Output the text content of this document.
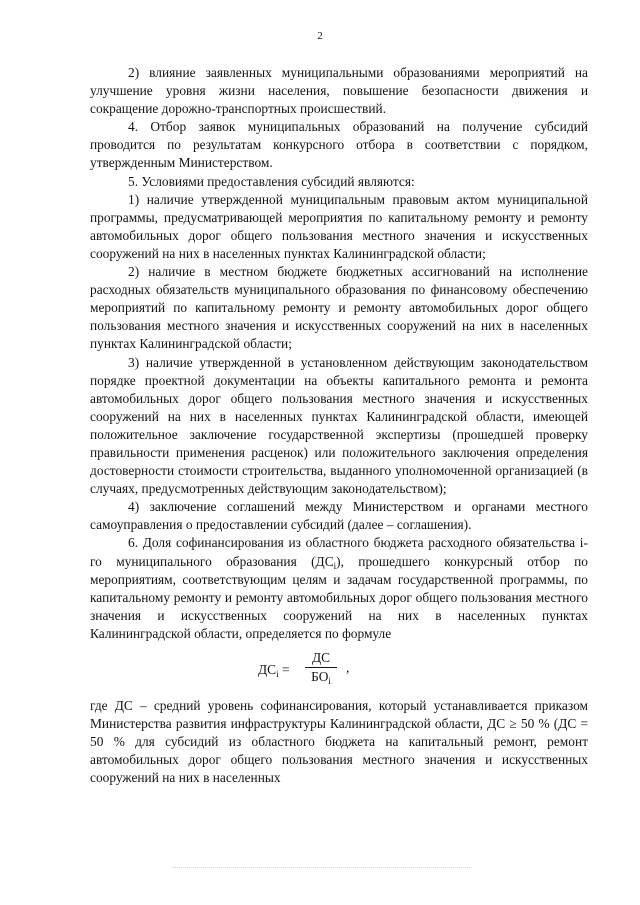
2

2) влияние заявленных муниципальными образованиями мероприятий на улучшение уровня жизни населения, повышение безопасности движения и сокращение дорожно-транспортных происшествий.

4. Отбор заявок муниципальных образований на получение субсидий проводится по результатам конкурсного отбора в соответствии с порядком, утвержденным Министерством.

5. Условиями предоставления субсидий являются:

1) наличие утвержденной муниципальным правовым актом муниципальной программы, предусматривающей мероприятия по капитальному ремонту и ремонту автомобильных дорог общего пользования местного значения и искусственных сооружений на них в населенных пунктах Калининградской области;

2) наличие в местном бюджете бюджетных ассигнований на исполнение расходных обязательств муниципального образования по финансовому обеспечению мероприятий по капитальному ремонту и ремонту автомобильных дорог общего пользования местного значения и искусственных сооружений на них в населенных пунктах Калининградской области;

3) наличие утвержденной в установленном действующим законодательством порядке проектной документации на объекты капитального ремонта и ремонта автомобильных дорог общего пользования местного значения и искусственных сооружений на них в населенных пунктах Калининградской области, имеющей положительное заключение государственной экспертизы (прошедшей проверку правильности применения расценок) или положительного заключения определения достоверности стоимости строительства, выданного уполномоченной организацией (в случаях, предусмотренных действующим законодательством);

4) заключение соглашений между Министерством и органами местного самоуправления о предоставлении субсидий (далее – соглашения).

6. Доля софинансирования из областного бюджета расходного обязательства i-го муниципального образования $(ДС_i)$, прошедшего конкурсный отбор по мероприятиям, соответствующим целям и задачам государственной программы, по капитальному ремонту и ремонту автомобильных дорог общего пользования местного значения и искусственных сооружений на них в населенных пунктах Калининградской области, определяется по формуле

$ДС_i$ =
ДС
$БО_i$
,

где ДС – средний уровень софинансирования, который устанавливается приказом Министерства развития инфраструктуры Калининградской области, ДС ≥ 50 % (ДС = 50 % для субсидий из областного бюджета на капитальный ремонт, ремонт автомобильных дорог общего пользования местного значения и искусственных сооружений на них в населенных
